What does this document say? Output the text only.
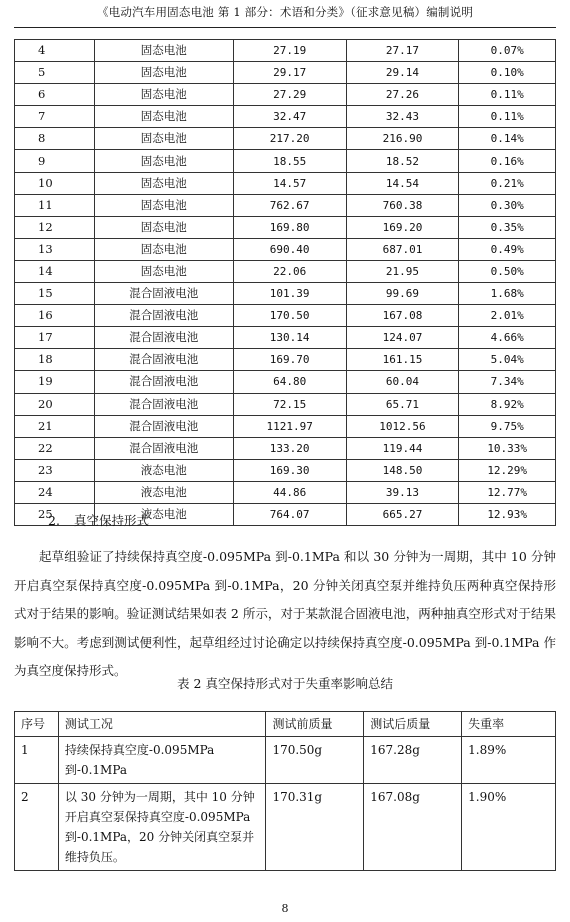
《电动汽车用固态电池 第 1 部分：术语和分类》（征求意见稿）编制说明
4	固态电池	27.19	27.17	0.07%
5	固态电池	29.17	29.14	0.10%
6	固态电池	27.29	27.26	0.11%
7	固态电池	32.47	32.43	0.11%
8	固态电池	217.20	216.90	0.14%
9	固态电池	18.55	18.52	0.16%
10	固态电池	14.57	14.54	0.21%
11	固态电池	762.67	760.38	0.30%
12	固态电池	169.80	169.20	0.35%
13	固态电池	690.40	687.01	0.49%
14	固态电池	22.06	21.95	0.50%
15	混合固液电池	101.39	99.69	1.68%
16	混合固液电池	170.50	167.08	2.01%
17	混合固液电池	130.14	124.07	4.66%
18	混合固液电池	169.70	161.15	5.04%
19	混合固液电池	64.80	60.04	7.34%
20	混合固液电池	72.15	65.71	8.92%
21	混合固液电池	1121.97	1012.56	9.75%
22	混合固液电池	133.20	119.44	10.33%
23	液态电池	169.30	148.50	12.29%
24	液态电池	44.86	39.13	12.77%
25	液态电池	764.07	665.27	12.93%
2. 真空保持形式
起草组验证了持续保持真空度-0.095MPa 到-0.1MPa 和以 30 分钟为一周期，其中 10 分钟开启真空泵保持真空度-0.095MPa 到-0.1MPa，20 分钟关闭真空泵并维持负压两种真空保持形式对于结果的影响。验证测试结果如表 2 所示，对于某款混合固液电池，两种抽真空形式对于结果影响不大。考虑到测试便利性，起草组经过讨论确定以持续保持真空度-0.095MPa 到-0.1MPa 作为真空度保持形式。
表 2 真空保持形式对于失重率影响总结
序号	测试工况	测试前质量	测试后质量	失重率
1	持续保持真空度-0.095MPa 到-0.1MPa	170.50g	167.28g	1.89%
2	以 30 分钟为一周期，其中 10 分钟开启真空泵保持真空度-0.095MPa 到-0.1MPa，20 分钟关闭真空泵并维持负压。	170.31g	167.08g	1.90%
8
